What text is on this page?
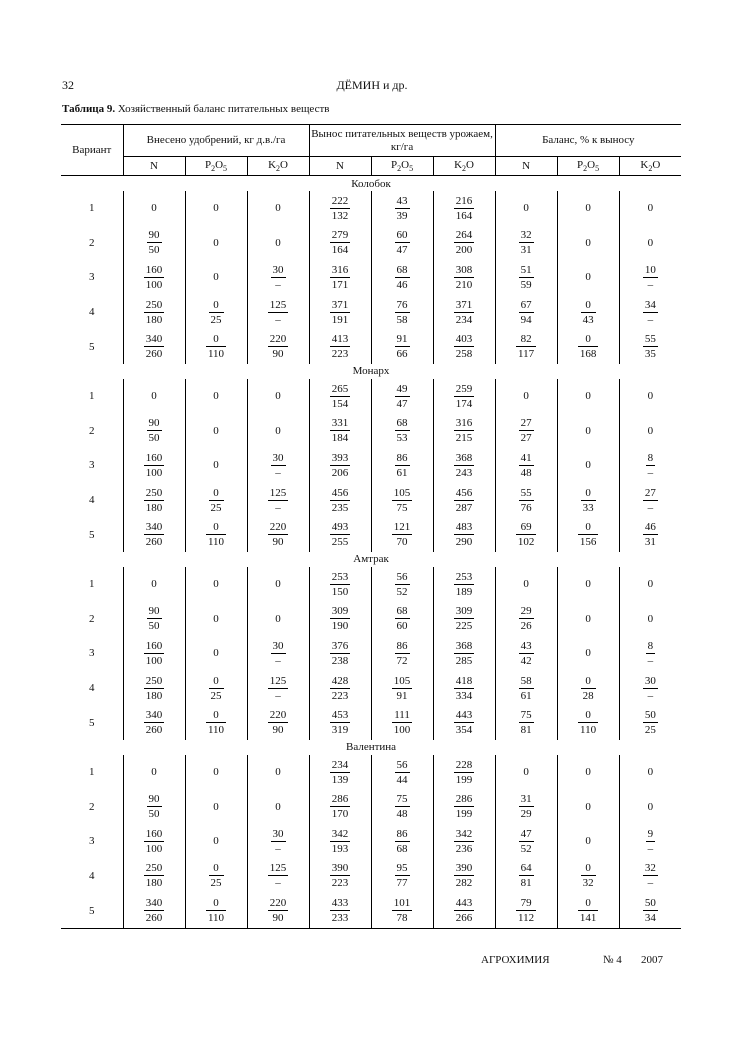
32	ДЁМИН и др.
Таблица 9. Хозяйственный баланс питательных веществ
Вариант	Внесено удобрений, кг д.в./га			Вынос питательных веществ урожаем, кг/га			Баланс, % к выносу		
	N	$P_2O_5$	$K_2O$	N	$P_2O_5$	$K_2O$	N	$P_2O_5$	$K_2O$
Колобок									
1	0	0	0	$\frac{222}{132}$	$\frac{43}{39}$	$\frac{216}{164}$	0	0	0
2	$\frac{90}{50}$	0	0	$\frac{279}{164}$	$\frac{60}{47}$	$\frac{264}{200}$	$\frac{32}{31}$	0	0
3	$\frac{160}{100}$	0	$\frac{30}{-}$	$\frac{316}{171}$	$\frac{68}{46}$	$\frac{308}{210}$	$\frac{51}{59}$	0	$\frac{10}{-}$

4	$\frac{250}{180}$	$\frac{0}{25}$	$\frac{125}{-}$	$\frac{371}{191}$	$\frac{76}{58}$	$\frac{371}{234}$	$\frac{67}{94}$	$\frac{0}{43}$	$\frac{34}{-}$

5	$\frac{340}{260}$	$\frac{0}{110}$	$\frac{220}{90}$	$\frac{413}{223}$	$\frac{91}{66}$	$\frac{403}{258}$	$\frac{82}{117}$	$\frac{0}{168}$	$\frac{55}{35}$

Монарх									
1	0	0	0	$\frac{265}{154}$	$\frac{49}{47}$	$\frac{259}{174}$	0	0	0
2	$\frac{90}{50}$	0	0	$\frac{331}{184}$	$\frac{68}{53}$	$\frac{316}{215}$	$\frac{27}{27}$	0	0
3	$\frac{160}{100}$	0	$\frac{30}{-}$	$\frac{393}{206}$	$\frac{86}{61}$	$\frac{368}{243}$	$\frac{41}{48}$	0	$\frac{8}{-}$

4	$\frac{250}{180}$	$\frac{0}{25}$	$\frac{125}{-}$	$\frac{456}{235}$	$\frac{105}{75}$	$\frac{456}{287}$	$\frac{55}{76}$	$\frac{0}{33}$	$\frac{27}{-}$

5	$\frac{340}{260}$	$\frac{0}{110}$	$\frac{220}{90}$	$\frac{493}{255}$	$\frac{121}{70}$	$\frac{483}{290}$	$\frac{69}{102}$	$\frac{0}{156}$	$\frac{46}{31}$

Амтрак									
1	0	0	0	$\frac{253}{150}$	$\frac{56}{52}$	$\frac{253}{189}$	0	0	0
2	$\frac{90}{50}$	0	0	$\frac{309}{190}$	$\frac{68}{60}$	$\frac{309}{225}$	$\frac{29}{26}$	0	0
3	$\frac{160}{100}$	0	$\frac{30}{-}$	$\frac{376}{238}$	$\frac{86}{72}$	$\frac{368}{285}$	$\frac{43}{42}$	0	$\frac{8}{-}$

4	$\frac{250}{180}$	$\frac{0}{25}$	$\frac{125}{-}$	$\frac{428}{223}$	$\frac{105}{91}$	$\frac{418}{334}$	$\frac{58}{61}$	$\frac{0}{28}$	$\frac{30}{-}$

5	$\frac{340}{260}$	$\frac{0}{110}$	$\frac{220}{90}$	$\frac{453}{319}$	$\frac{111}{100}$	$\frac{443}{354}$	$\frac{75}{81}$	$\frac{0}{110}$	$\frac{50}{25}$

Валентина									
1	0	0	0	$\frac{234}{139}$	$\frac{56}{44}$	$\frac{228}{199}$	0	0	0
2	$\frac{90}{50}$	0	0	$\frac{286}{170}$	$\frac{75}{48}$	$\frac{286}{199}$	$\frac{31}{29}$	0	0
3	$\frac{160}{100}$	0	$\frac{30}{-}$	$\frac{342}{193}$	$\frac{86}{68}$	$\frac{342}{236}$	$\frac{47}{52}$	0	$\frac{9}{-}$

4	$\frac{250}{180}$	$\frac{0}{25}$	$\frac{125}{-}$	$\frac{390}{223}$	$\frac{95}{77}$	$\frac{390}{282}$	$\frac{64}{81}$	$\frac{0}{32}$	$\frac{32}{-}$

5	$\frac{340}{260}$	$\frac{0}{110}$	$\frac{220}{90}$	$\frac{433}{233}$	$\frac{101}{78}$	$\frac{443}{266}$	$\frac{79}{112}$	$\frac{0}{141}$	$\frac{50}{34}$
АГРОХИМИЯ	№ 4 2007
